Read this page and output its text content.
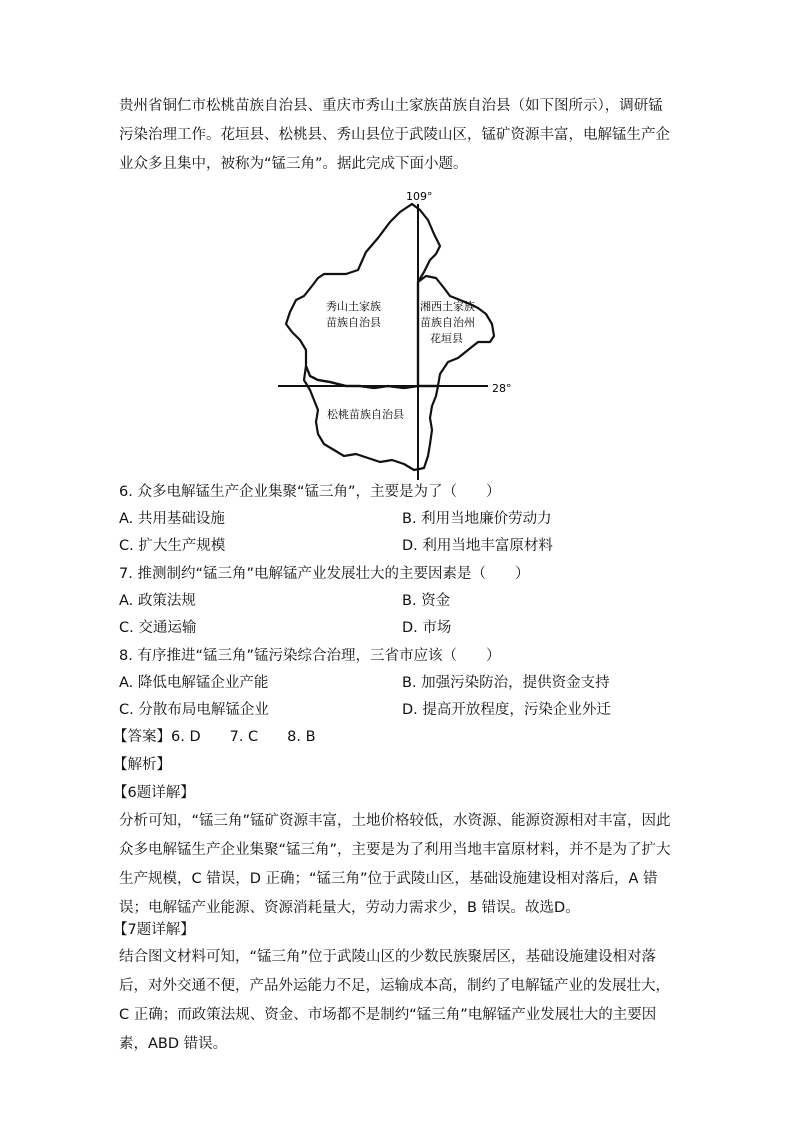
贵州省铜仁市松桃苗族自治县、重庆市秀山土家族苗族自治县（如下图所示），调研锰污染治理工作。花垣县、松桃县、秀山县位于武陵山区，锰矿资源丰富，电解锰生产企业众多且集中，被称为“锰三角”。据此完成下面小题。

109°
28°
秀山土家族
苗族自治县
湘西土家族
苗族自治州
花垣县
松桃苗族自治县
6. 众多电解锰生产企业集聚“锰三角”，主要是为了（　　）
A. 共用基础设施	B. 利用当地廉价劳动力
C. 扩大生产规模	D. 利用当地丰富原材料
7. 推测制约“锰三角”电解锰产业发展壮大的主要因素是（　　）
A. 政策法规	B. 资金
C. 交通运输	D. 市场
8. 有序推进“锰三角”锰污染综合治理，三省市应该（　　）
A. 降低电解锰企业产能	B. 加强污染防治，提供资金支持
C. 分散布局电解锰企业	D. 提高开放程度，污染企业外迁
【答案】6. D　　7. C　　8. B
【解析】
【6题详解】

分析可知，“锰三角”锰矿资源丰富，土地价格较低，水资源、能源资源相对丰富，因此众多电解锰生产企业集聚“锰三角”，主要是为了利用当地丰富原材料，并不是为了扩大生产规模，C 错误，D 正确；“锰三角”位于武陵山区，基础设施建设相对落后，A 错误；电解锰产业能源、资源消耗量大，劳动力需求少，B 错误。故选D。

【7题详解】

结合图文材料可知，“锰三角”位于武陵山区的少数民族聚居区，基础设施建设相对落后，对外交通不便，产品外运能力不足，运输成本高，制约了电解锰产业的发展壮大，C 正确；而政策法规、资金、市场都不是制约“锰三角”电解锰产业发展壮大的主要因素，ABD 错误。
